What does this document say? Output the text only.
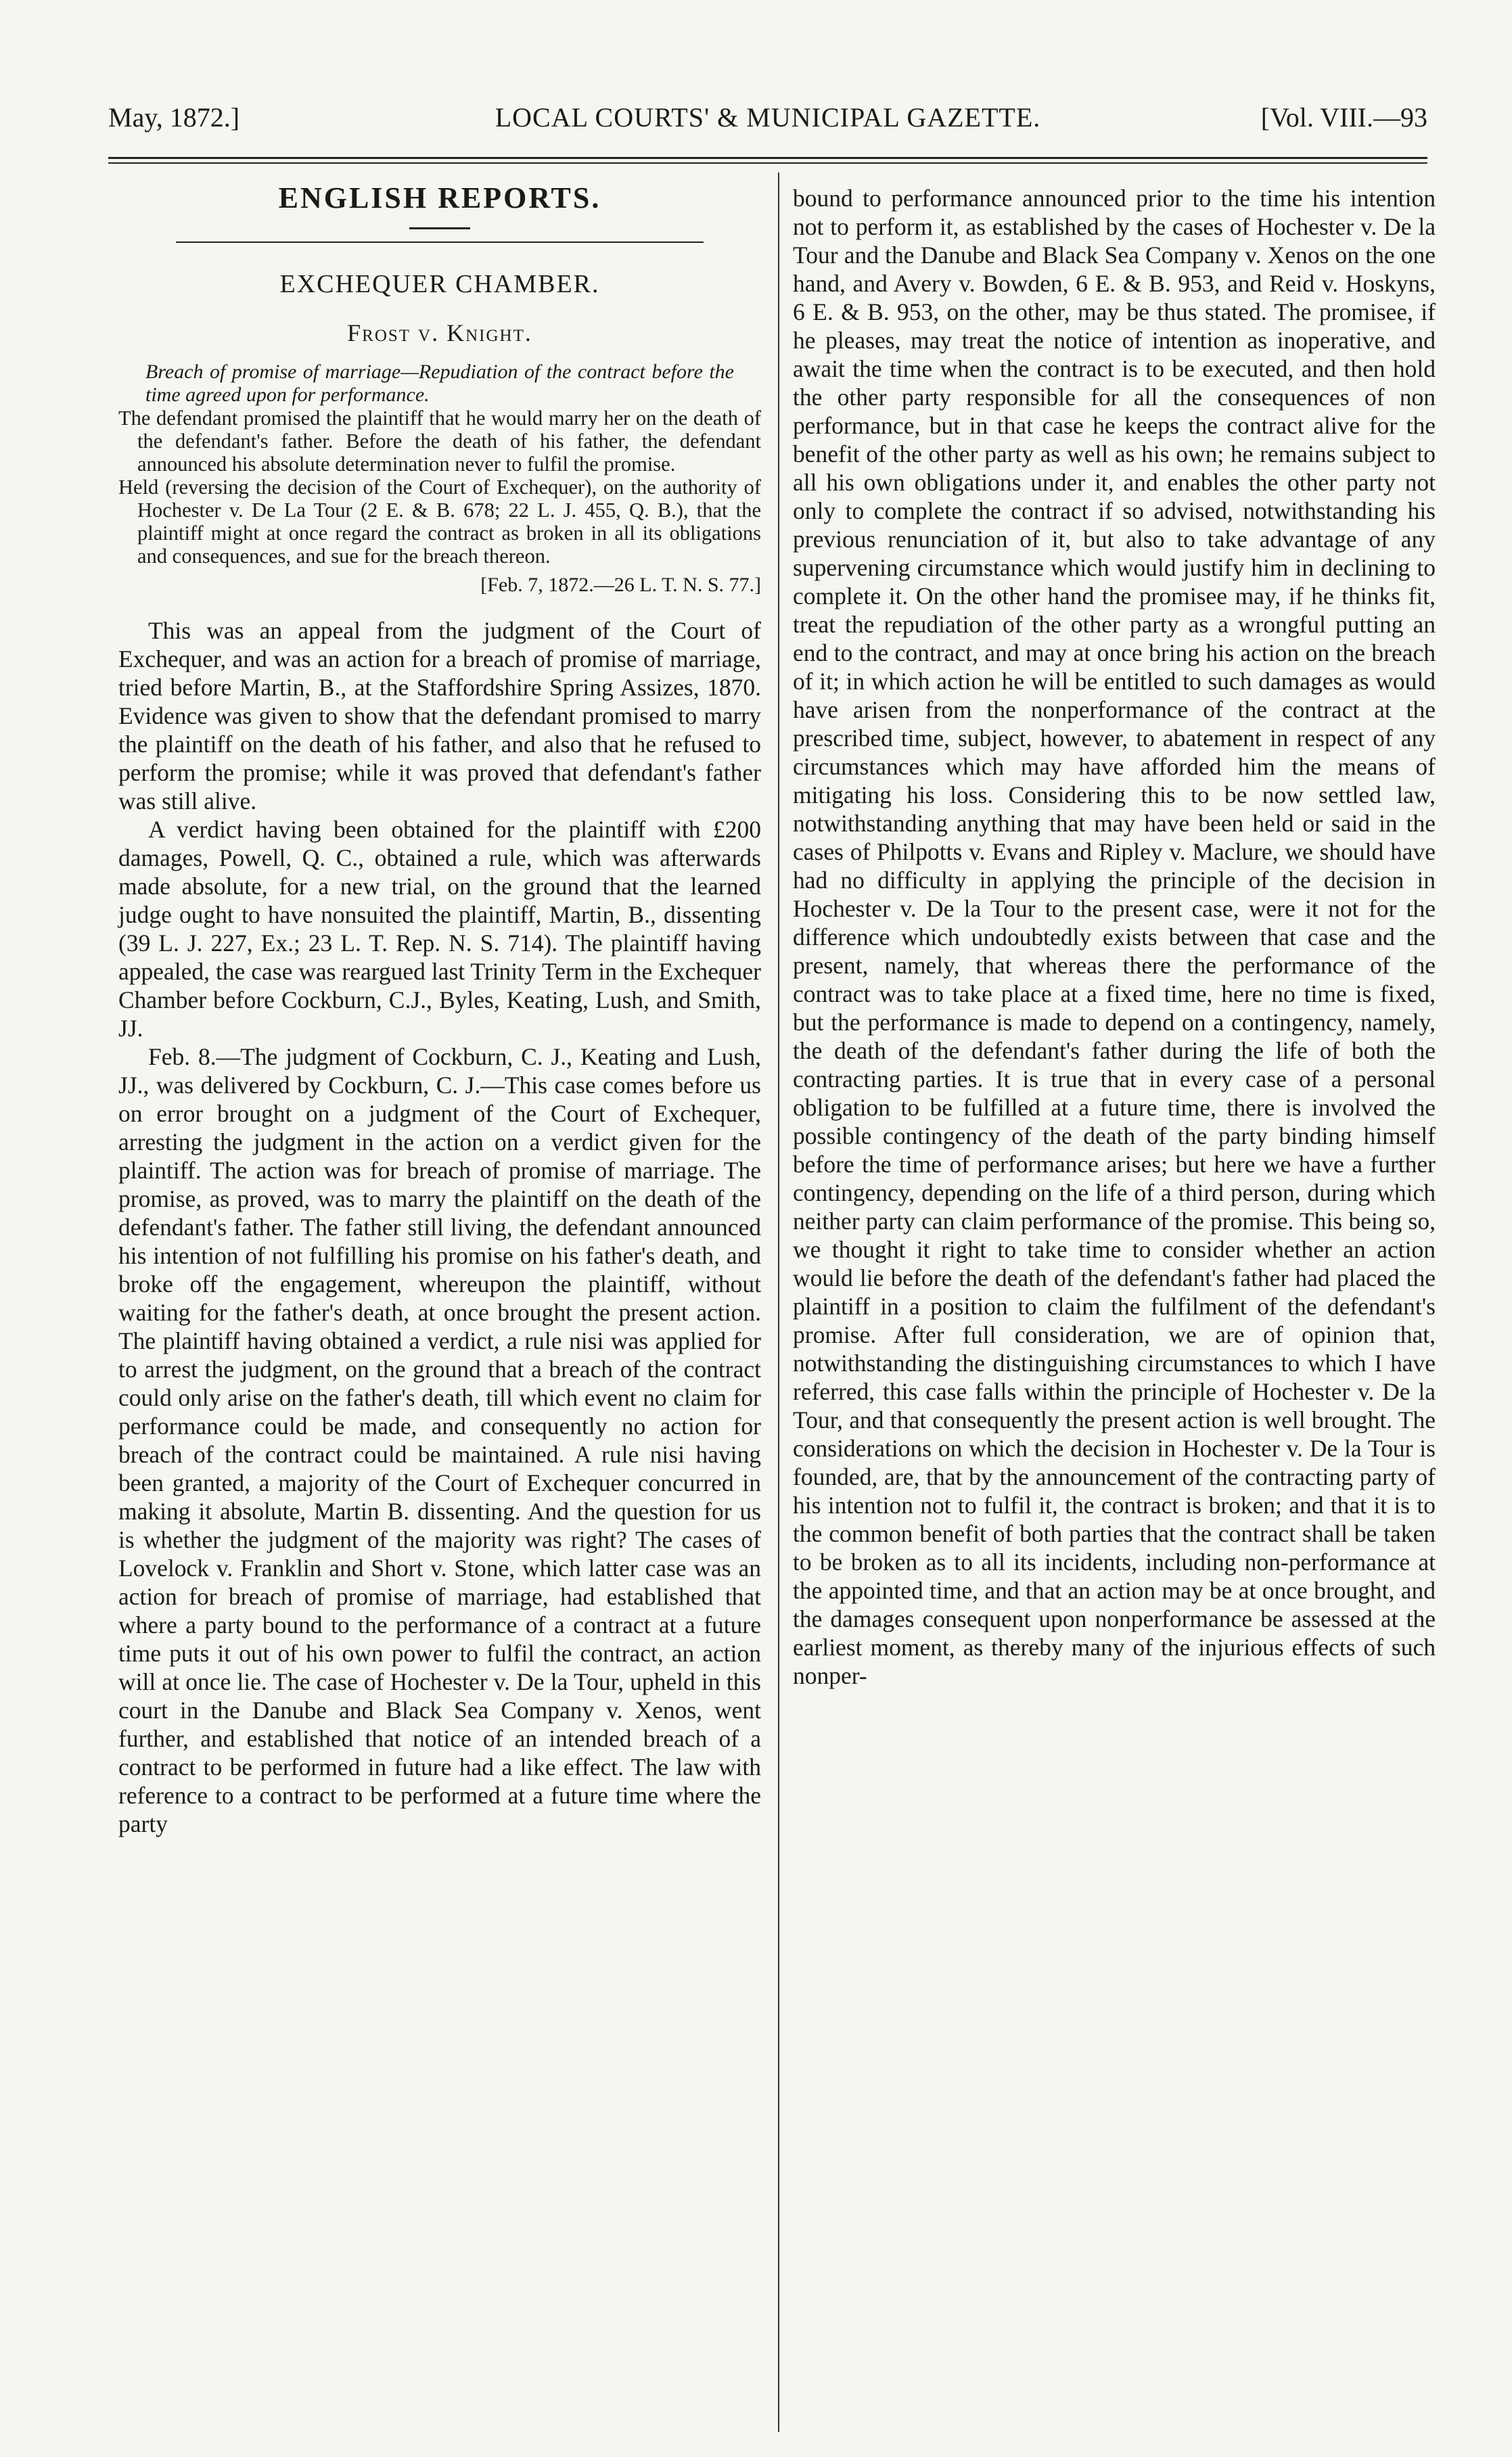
May, 1872.]	LOCAL COURTS' & MUNICIPAL GAZETTE.	[Vol. VIII.—93
ENGLISH REPORTS.
EXCHEQUER CHAMBER.
Frost v. Knight.

Breach of promise of marriage—Repudiation of the contract before the time agreed upon for performance.

The defendant promised the plaintiff that he would marry her on the death of the defendant's father. Before the death of his father, the defendant announced his absolute determination never to fulfil the promise.

Held (reversing the decision of the Court of Exchequer), on the authority of Hochester v. De La Tour (2 E. & B. 678; 22 L. J. 455, Q. B.), that the plaintiff might at once regard the contract as broken in all its obligations and consequences, and sue for the breach thereon.

[Feb. 7, 1872.—26 L. T. N. S. 77.]

This was an appeal from the judgment of the Court of Exchequer, and was an action for a breach of promise of marriage, tried before Martin, B., at the Staffordshire Spring Assizes, 1870. Evidence was given to show that the defendant promised to marry the plaintiff on the death of his father, and also that he refused to perform the promise; while it was proved that defendant's father was still alive.

A verdict having been obtained for the plaintiff with £200 damages, Powell, Q. C., obtained a rule, which was afterwards made absolute, for a new trial, on the ground that the learned judge ought to have nonsuited the plaintiff, Martin, B., dissenting (39 L. J. 227, Ex.; 23 L. T. Rep. N. S. 714). The plaintiff having appealed, the case was reargued last Trinity Term in the Exchequer Chamber before Cockburn, C.J., Byles, Keating, Lush, and Smith, JJ.

Feb. 8.—The judgment of Cockburn, C. J., Keating and Lush, JJ., was delivered by Cockburn, C. J.—This case comes before us on error brought on a judgment of the Court of Exchequer, arresting the judgment in the action on a verdict given for the plaintiff. The action was for breach of promise of marriage. The promise, as proved, was to marry the plaintiff on the death of the defendant's father. The father still living, the defendant announced his intention of not fulfilling his promise on his father's death, and broke off the engagement, whereupon the plaintiff, without waiting for the father's death, at once brought the present action. The plaintiff having obtained a verdict, a rule nisi was applied for to arrest the judgment, on the ground that a breach of the contract could only arise on the father's death, till which event no claim for performance could be made, and consequently no action for breach of the contract could be maintained. A rule nisi having been granted, a majority of the Court of Exchequer concurred in making it absolute, Martin B. dissenting. And the question for us is whether the judgment of the majority was right? The cases of Lovelock v. Franklin and Short v. Stone, which latter case was an action for breach of promise of marriage, had established that where a party bound to the performance of a contract at a future time puts it out of his own power to fulfil the contract, an action will at once lie. The case of Hochester v. De la Tour, upheld in this court in the Danube and Black Sea Company v. Xenos, went further, and established that notice of an intended breach of a contract to be performed in future had a like effect. The law with reference to a contract to be performed at a future time where the party

bound to performance announced prior to the time his intention not to perform it, as established by the cases of Hochester v. De la Tour and the Danube and Black Sea Company v. Xenos on the one hand, and Avery v. Bowden, 6 E. & B. 953, and Reid v. Hoskyns, 6 E. & B. 953, on the other, may be thus stated. The promisee, if he pleases, may treat the notice of intention as inoperative, and await the time when the contract is to be executed, and then hold the other party responsible for all the consequences of non performance, but in that case he keeps the contract alive for the benefit of the other party as well as his own; he remains subject to all his own obligations under it, and enables the other party not only to complete the contract if so advised, notwithstanding his previous renunciation of it, but also to take advantage of any supervening circumstance which would justify him in declining to complete it. On the other hand the promisee may, if he thinks fit, treat the repudiation of the other party as a wrongful putting an end to the contract, and may at once bring his action on the breach of it; in which action he will be entitled to such damages as would have arisen from the nonperformance of the contract at the prescribed time, subject, however, to abatement in respect of any circumstances which may have afforded him the means of mitigating his loss. Considering this to be now settled law, notwithstanding anything that may have been held or said in the cases of Philpotts v. Evans and Ripley v. Maclure, we should have had no difficulty in applying the principle of the decision in Hochester v. De la Tour to the present case, were it not for the difference which undoubtedly exists between that case and the present, namely, that whereas there the performance of the contract was to take place at a fixed time, here no time is fixed, but the performance is made to depend on a contingency, namely, the death of the defendant's father during the life of both the contracting parties. It is true that in every case of a personal obligation to be fulfilled at a future time, there is involved the possible contingency of the death of the party binding himself before the time of performance arises; but here we have a further contingency, depending on the life of a third person, during which neither party can claim performance of the promise. This being so, we thought it right to take time to consider whether an action would lie before the death of the defendant's father had placed the plaintiff in a position to claim the fulfilment of the defendant's promise. After full consideration, we are of opinion that, notwithstanding the distinguishing circumstances to which I have referred, this case falls within the principle of Hochester v. De la Tour, and that consequently the present action is well brought. The considerations on which the decision in Hochester v. De la Tour is founded, are, that by the announcement of the contracting party of his intention not to fulfil it, the contract is broken; and that it is to the common benefit of both parties that the contract shall be taken to be broken as to all its incidents, including non-performance at the appointed time, and that an action may be at once brought, and the damages consequent upon nonperformance be assessed at the earliest moment, as thereby many of the injurious effects of such nonper-
